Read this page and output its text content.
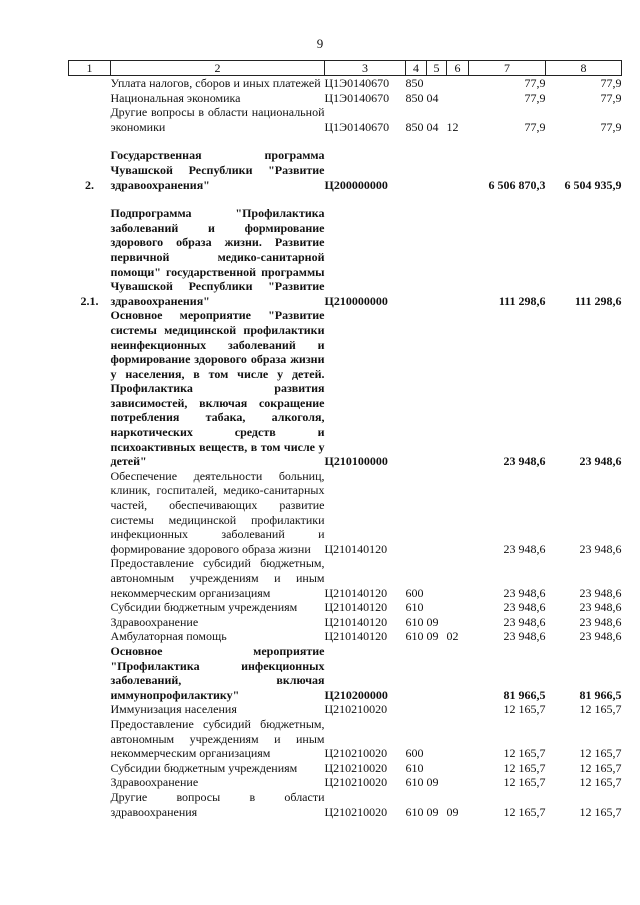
9
1	2	3	4	5	6	7	8
	Уплата налогов, сборов и иных платежей	Ц1Э0140670	850			77,9	77,9
	Национальная экономика	Ц1Э0140670	850	04		77,9	77,9
	Другие вопросы в области национальной экономики	Ц1Э0140670	850	04	12	77,9	77,9

2.	Государственная программа Чувашской Республики "Развитие здравоохранения"	Ц200000000				6 506 870,3	6 504 935,9

2.1.	Подпрограмма "Профилактика заболеваний и формирование здорового образа жизни. Развитие первичной медико-санитарной помощи" государственной программы Чувашской Республики "Развитие здравоохранения"	Ц210000000				111 298,6	111 298,6
	Основное мероприятие "Развитие системы медицинской профилактики неинфекционных заболеваний и формирование здорового образа жизни у населения, в том числе у детей. Профилактика развития зависимостей, включая сокращение потребления табака, алкоголя, наркотических средств и психоактивных веществ, в том числе у детей"	Ц210100000				23 948,6	23 948,6
	Обеспечение деятельности больниц, клиник, госпиталей, медико-санитарных частей, обеспечивающих развитие системы медицинской профилактики инфекционных заболеваний и формирование здорового образа жизни	Ц210140120				23 948,6	23 948,6
	Предоставление субсидий бюджетным, автономным учреждениям и иным некоммерческим организациям	Ц210140120	600			23 948,6	23 948,6
	Субсидии бюджетным учреждениям	Ц210140120	610			23 948,6	23 948,6
	Здравоохранение	Ц210140120	610	09		23 948,6	23 948,6
	Амбулаторная помощь	Ц210140120	610	09	02	23 948,6	23 948,6
	Основное мероприятие "Профилактика инфекционных заболеваний, включая иммунопрофилактику"	Ц210200000				81 966,5	81 966,5
	Иммунизация населения	Ц210210020				12 165,7	12 165,7
	Предоставление субсидий бюджетным, автономным учреждениям и иным некоммерческим организациям	Ц210210020	600			12 165,7	12 165,7
	Субсидии бюджетным учреждениям	Ц210210020	610			12 165,7	12 165,7
	Здравоохранение	Ц210210020	610	09		12 165,7	12 165,7
	Другие вопросы в области здравоохранения	Ц210210020	610	09	09	12 165,7	12 165,7
